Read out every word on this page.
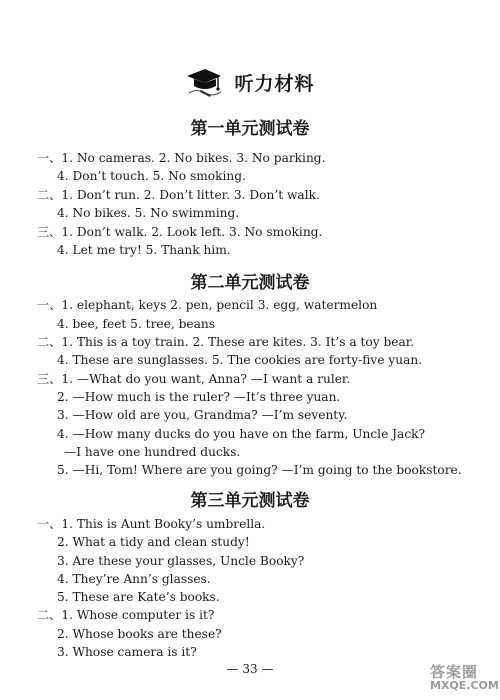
听力材料
第一单元测试卷
一、1. No cameras. 2. No bikes. 3. No parking.
4. Don’t touch. 5. No smoking.
二、1. Don’t run. 2. Don’t litter. 3. Don’t walk.
4. No bikes. 5. No swimming.
三、1. Don’t walk. 2. Look left. 3. No smoking.
4. Let me try! 5. Thank him.
第二单元测试卷
一、1. elephant, keys 2. pen, pencil 3. egg, watermelon
4. bee, feet 5. tree, beans
二、1. This is a toy train. 2. These are kites. 3. It’s a toy bear.
4. These are sunglasses. 5. The cookies are forty-five yuan.
三、1. —What do you want, Anna? —I want a ruler.
2. —How much is the ruler? —It’s three yuan.
3. —How old are you, Grandma? —I’m seventy.
4. —How many ducks do you have on the farm, Uncle Jack?
—I have one hundred ducks.
5. —Hi, Tom! Where are you going? —I’m going to the bookstore.
第三单元测试卷
一、1. This is Aunt Booky’s umbrella.
2. What a tidy and clean study!
3. Are these your glasses, Uncle Booky?
4. They’re Ann’s glasses.
5. These are Kate’s books.
二、1. Whose computer is it?
2. Whose books are these?
3. Whose camera is it?
— 33 —	答案圈
MXQE.COM
